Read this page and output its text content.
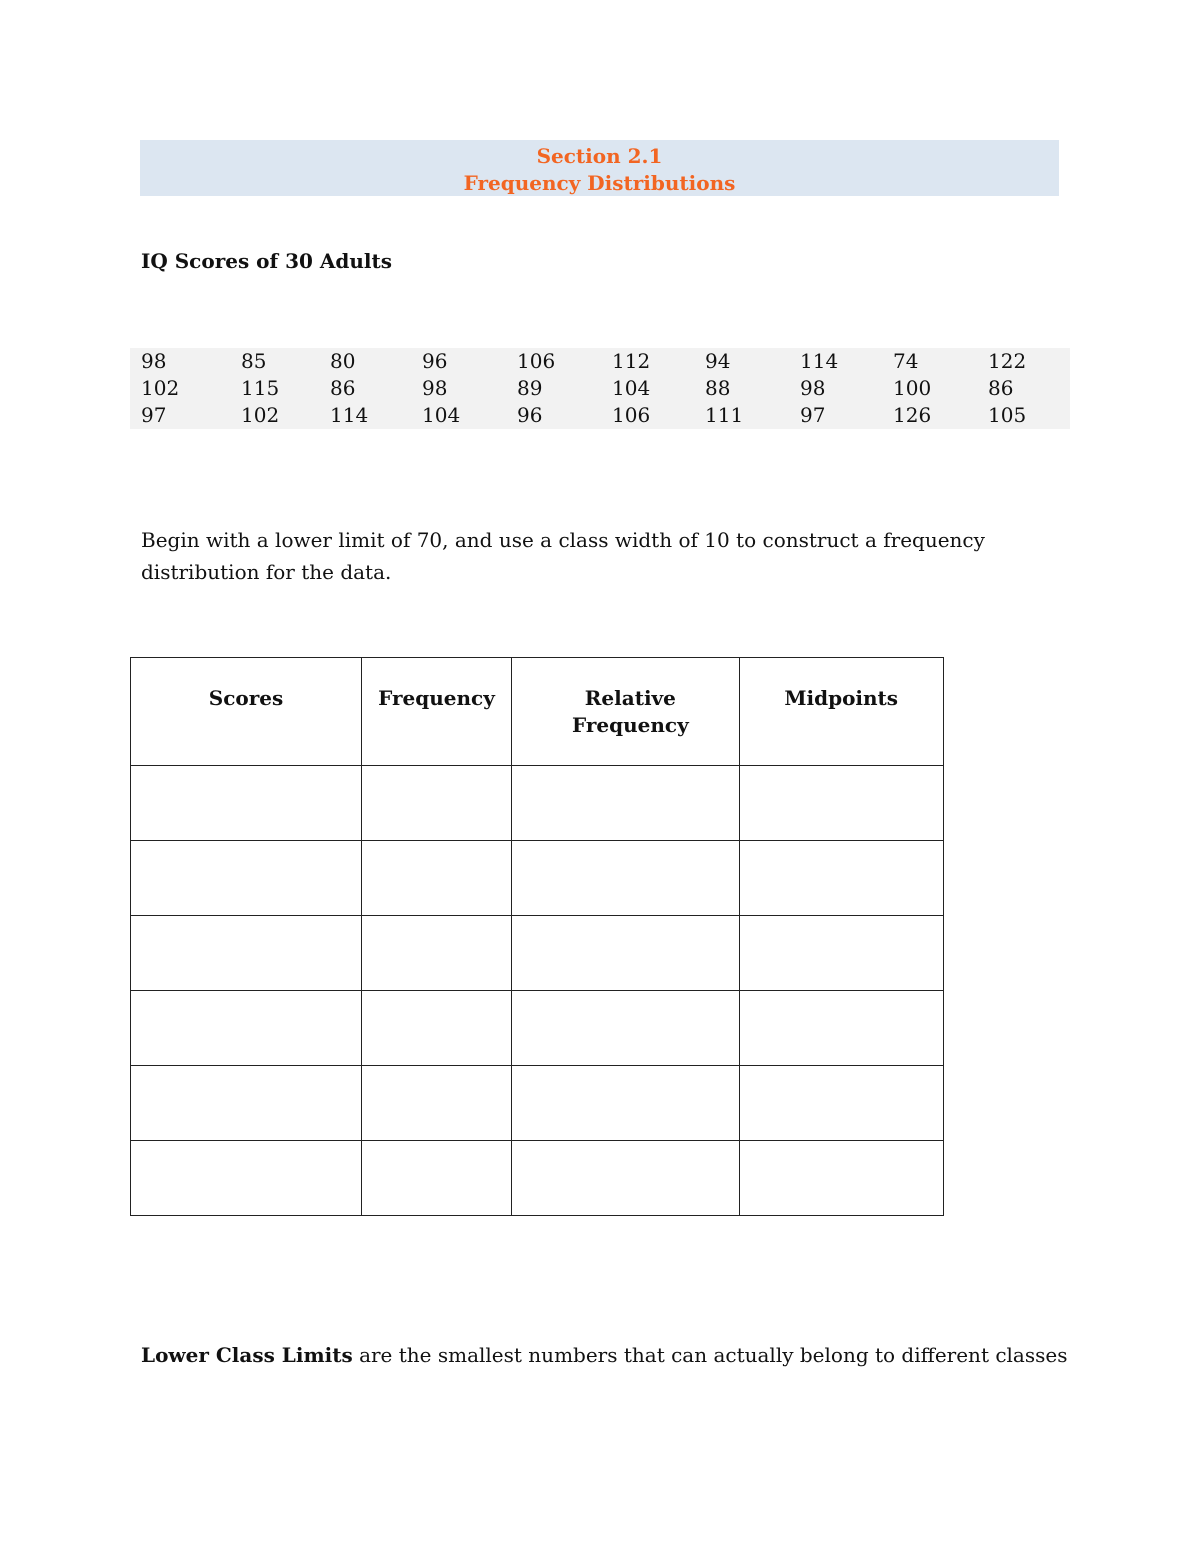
Section 2.1
Frequency Distributions
IQ Scores of 30 Adults
98	85	80	96	106	112	94	114	74	122
102	115	86	98	89	104	88	98	100	86
97	102	114	104	96	106	111	97	126	105
Begin with a lower limit of 70, and use a class width of 10 to construct a frequency distribution for the data.
Scores	Frequency	Relative Frequency	Midpoints

Lower Class Limits are the smallest numbers that can actually belong to different classes
